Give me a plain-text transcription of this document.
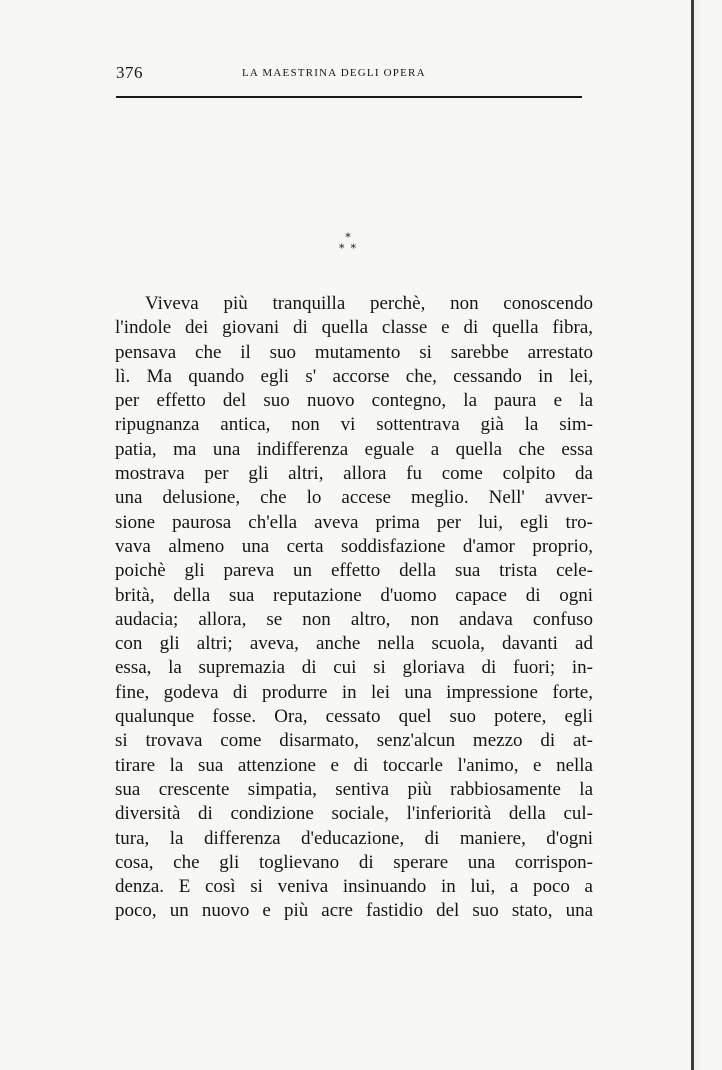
376	LA MAESTRINA DEGLI OPERA
*
**
Viveva più tranquilla perchè, non conoscendo
l'indole dei giovani di quella classe e di quella fibra,
pensava che il suo mutamento si sarebbe arrestato
lì. Ma quando egli s' accorse che, cessando in lei,
per effetto del suo nuovo contegno, la paura e la
ripugnanza antica, non vi sottentrava già la sim-
patia, ma una indifferenza eguale a quella che essa
mostrava per gli altri, allora fu come colpito da
una delusione, che lo accese meglio. Nell' avver-
sione paurosa ch'ella aveva prima per lui, egli tro-
vava almeno una certa soddisfazione d'amor proprio,
poichè gli pareva un effetto della sua trista cele-
brità, della sua reputazione d'uomo capace di ogni
audacia; allora, se non altro, non andava confuso
con gli altri; aveva, anche nella scuola, davanti ad
essa, la supremazia di cui si gloriava di fuori; in-
fine, godeva di produrre in lei una impressione forte,
qualunque fosse. Ora, cessato quel suo potere, egli
si trovava come disarmato, senz'alcun mezzo di at-
tirare la sua attenzione e di toccarle l'animo, e nella
sua crescente simpatia, sentiva più rabbiosamente la
diversità di condizione sociale, l'inferiorità della cul-
tura, la differenza d'educazione, di maniere, d'ogni
cosa, che gli toglievano di sperare una corrispon-
denza. E così si veniva insinuando in lui, a poco a
poco, un nuovo e più acre fastidio del suo stato, una
